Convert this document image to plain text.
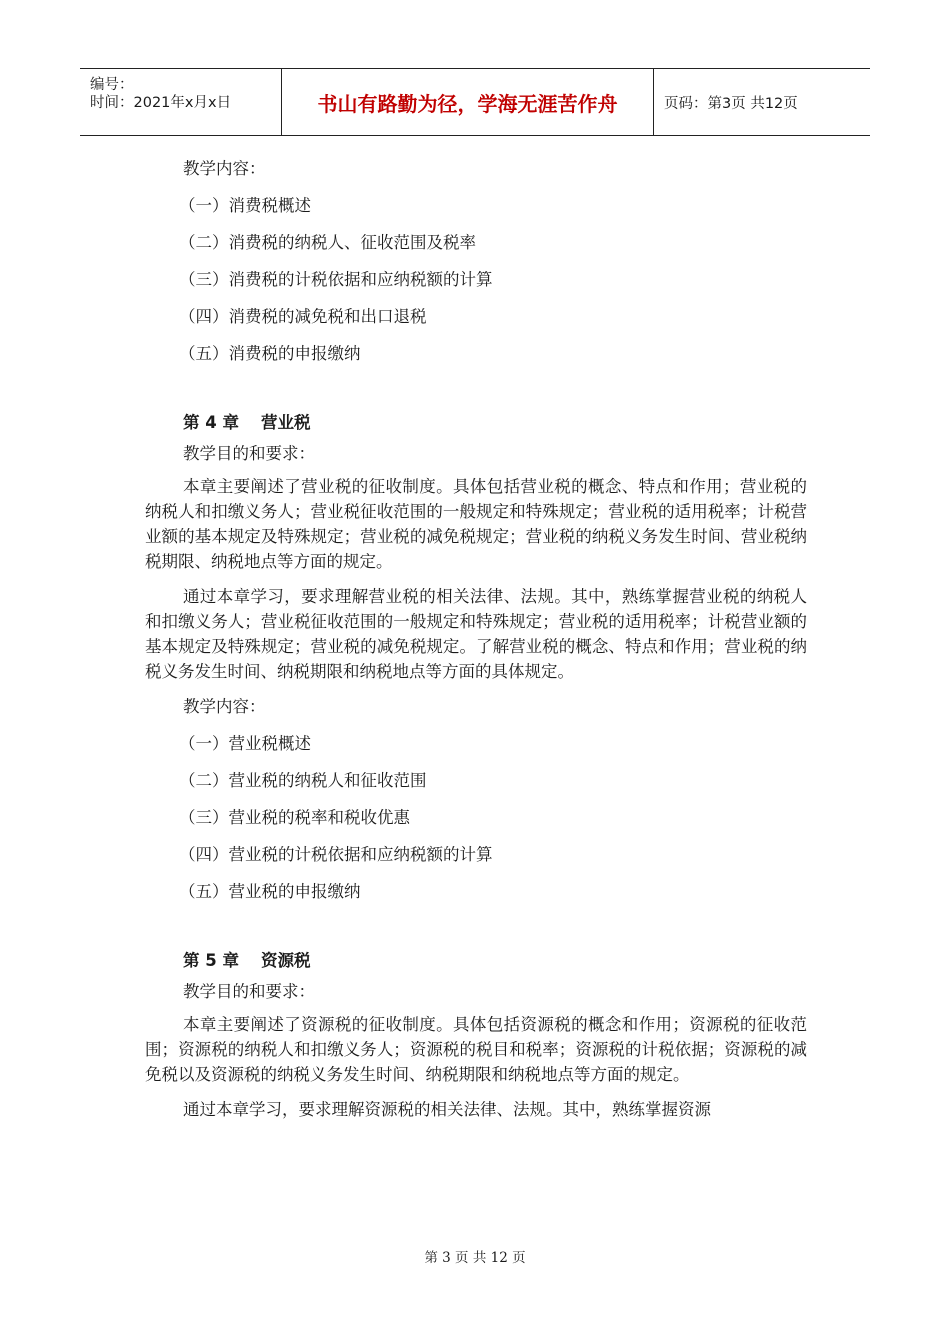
编号：
时间：2021年x月x日	书山有路勤为径，学海无涯苦作舟	页码：第3页 共12页

教学内容：

（一）消费税概述

（二）消费税的纳税人、征收范围及税率

（三）消费税的计税依据和应纳税额的计算

（四）消费税的减免税和出口退税

（五）消费税的申报缴纳

第 4 章 营业税

教学目的和要求：

本章主要阐述了营业税的征收制度。具体包括营业税的概念、特点和作用；营业税的纳税人和扣缴义务人；营业税征收范围的一般规定和特殊规定；营业税的适用税率；计税营业额的基本规定及特殊规定；营业税的减免税规定；营业税的纳税义务发生时间、营业税纳税期限、纳税地点等方面的规定。

通过本章学习，要求理解营业税的相关法律、法规。其中，熟练掌握营业税的纳税人和扣缴义务人；营业税征收范围的一般规定和特殊规定；营业税的适用税率；计税营业额的基本规定及特殊规定；营业税的减免税规定。了解营业税的概念、特点和作用；营业税的纳税义务发生时间、纳税期限和纳税地点等方面的具体规定。

教学内容：

（一）营业税概述

（二）营业税的纳税人和征收范围

（三）营业税的税率和税收优惠

（四）营业税的计税依据和应纳税额的计算

（五）营业税的申报缴纳

第 5 章 资源税

教学目的和要求：

本章主要阐述了资源税的征收制度。具体包括资源税的概念和作用；资源税的征收范围；资源税的纳税人和扣缴义务人；资源税的税目和税率；资源税的计税依据；资源税的减免税以及资源税的纳税义务发生时间、纳税期限和纳税地点等方面的规定。

通过本章学习，要求理解资源税的相关法律、法规。其中，熟练掌握资源

第 3 页 共 12 页
